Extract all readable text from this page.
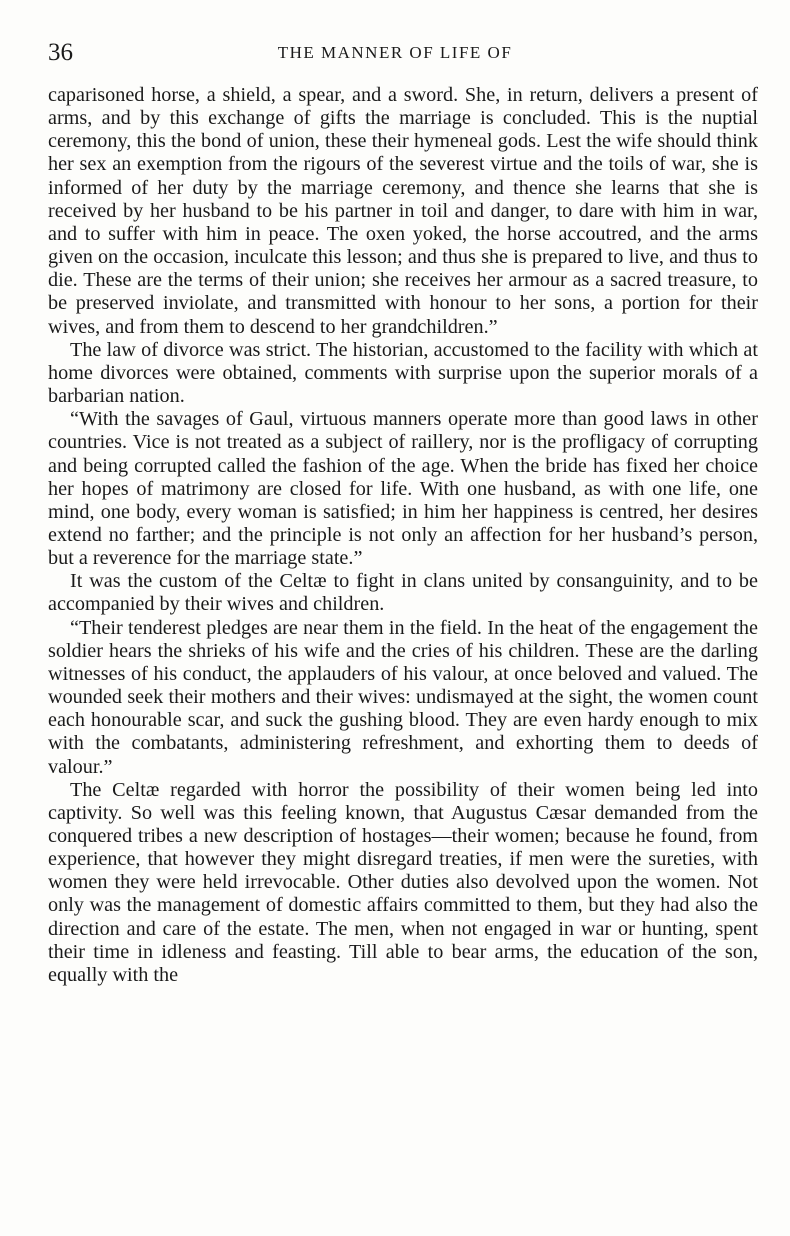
36	THE MANNER OF LIFE OF

caparisoned horse, a shield, a spear, and a sword. She, in return, delivers a present of arms, and by this exchange of gifts the marriage is concluded. This is the nuptial ceremony, this the bond of union, these their hymeneal gods. Lest the wife should think her sex an exemption from the rigours of the severest virtue and the toils of war, she is informed of her duty by the marriage ceremony, and thence she learns that she is received by her husband to be his partner in toil and danger, to dare with him in war, and to suffer with him in peace. The oxen yoked, the horse accoutred, and the arms given on the occasion, inculcate this lesson; and thus she is prepared to live, and thus to die. These are the terms of their union; she receives her armour as a sacred treasure, to be preserved inviolate, and transmitted with honour to her sons, a portion for their wives, and from them to descend to her grandchildren.”

The law of divorce was strict. The historian, accustomed to the facility with which at home divorces were obtained, comments with surprise upon the superior morals of a barbarian nation.

“With the savages of Gaul, virtuous manners operate more than good laws in other countries. Vice is not treated as a subject of raillery, nor is the profligacy of corrupting and being corrupted called the fashion of the age. When the bride has fixed her choice her hopes of matrimony are closed for life. With one husband, as with one life, one mind, one body, every woman is satisfied; in him her happiness is centred, her desires extend no farther; and the principle is not only an affection for her husband’s person, but a reverence for the marriage state.”

It was the custom of the Celtæ to fight in clans united by consanguinity, and to be accompanied by their wives and children.

“Their tenderest pledges are near them in the field. In the heat of the engagement the soldier hears the shrieks of his wife and the cries of his children. These are the darling witnesses of his conduct, the applauders of his valour, at once beloved and valued. The wounded seek their mothers and their wives: undismayed at the sight, the women count each honourable scar, and suck the gushing blood. They are even hardy enough to mix with the combatants, administering refreshment, and exhorting them to deeds of valour.”

The Celtæ regarded with horror the possibility of their women being led into captivity. So well was this feeling known, that Augustus Cæsar demanded from the conquered tribes a new description of hostages—their women; because he found, from experience, that however they might disregard treaties, if men were the sureties, with women they were held irrevocable. Other duties also devolved upon the women. Not only was the management of domestic affairs committed to them, but they had also the direction and care of the estate. The men, when not engaged in war or hunting, spent their time in idleness and feasting. Till able to bear arms, the education of the son, equally with the
